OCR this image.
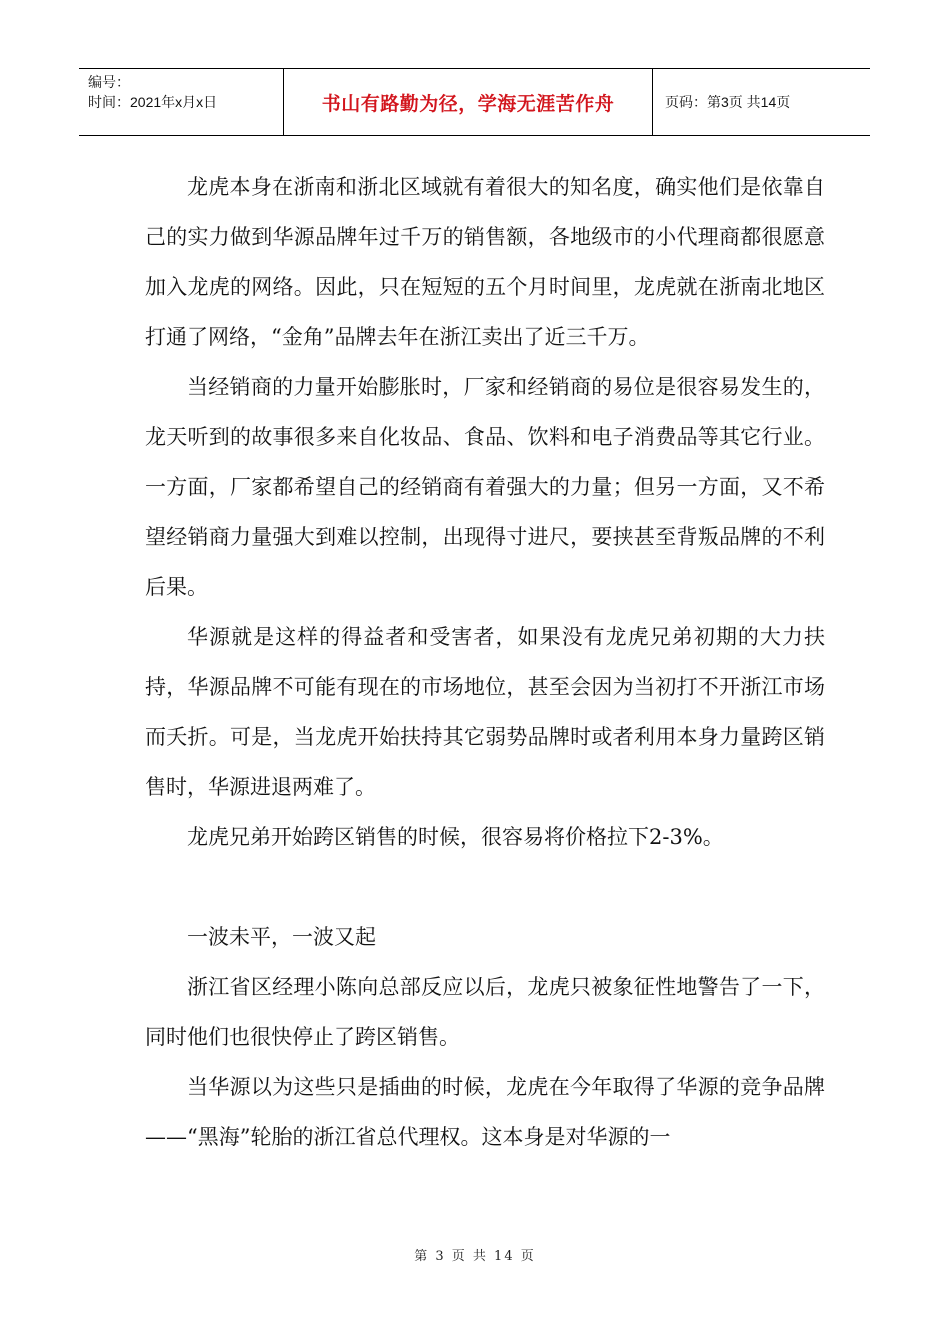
编号：
时间：2021年x月x日	书山有路勤为径，学海无涯苦作舟	页码：第3页 共14页

龙虎本身在浙南和浙北区域就有着很大的知名度，确实他们是依靠自己的实力做到华源品牌年过千万的销售额，各地级市的小代理商都很愿意加入龙虎的网络。因此，只在短短的五个月时间里，龙虎就在浙南北地区打通了网络，“金角”品牌去年在浙江卖出了近三千万。

当经销商的力量开始膨胀时，厂家和经销商的易位是很容易发生的，龙天听到的故事很多来自化妆品、食品、饮料和电子消费品等其它行业。一方面，厂家都希望自己的经销商有着强大的力量；但另一方面，又不希望经销商力量强大到难以控制，出现得寸进尺，要挟甚至背叛品牌的不利后果。

华源就是这样的得益者和受害者，如果没有龙虎兄弟初期的大力扶持，华源品牌不可能有现在的市场地位，甚至会因为当初打不开浙江市场而夭折。可是，当龙虎开始扶持其它弱势品牌时或者利用本身力量跨区销售时，华源进退两难了。

龙虎兄弟开始跨区销售的时候，很容易将价格拉下2-3%。

一波未平，一波又起

浙江省区经理小陈向总部反应以后，龙虎只被象征性地警告了一下，同时他们也很快停止了跨区销售。

当华源以为这些只是插曲的时候，龙虎在今年取得了华源的竞争品牌——“黑海”轮胎的浙江省总代理权。这本身是对华源的一

第 3 页 共 14 页
